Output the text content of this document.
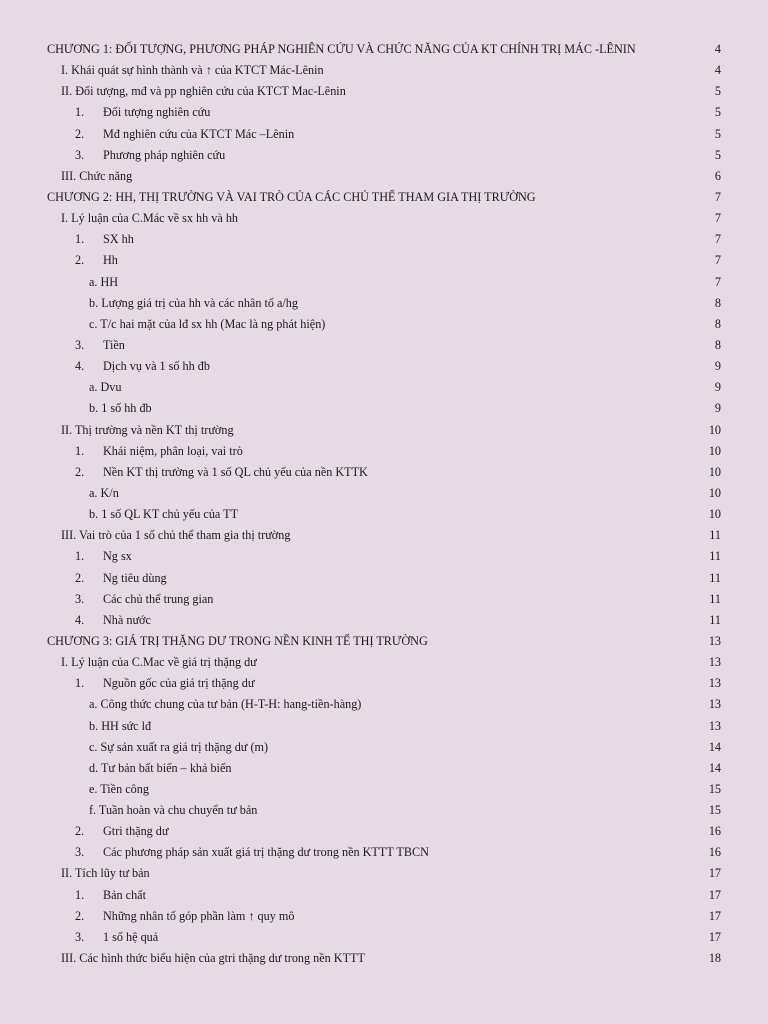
CHƯƠNG 1: ĐỐI TƯỢNG, PHƯƠNG PHÁP NGHIÊN CỨU VÀ CHỨC NĂNG CỦA KT CHÍNH TRỊ MÁC -LÊNIN	4
I. Khái quát sự hình thành và ↑ của KTCT Mác-Lênin	4
II. Đối tượng, mđ và pp nghiên cứu của KTCT Mac-Lênin	5
1. Đối tượng nghiên cứu	5
2. Mđ nghiên cứu của KTCT Mác –Lênin	5
3. Phương pháp nghiên cứu	5
III. Chức năng	6
CHƯƠNG 2: HH, THỊ TRƯỜNG VÀ VAI TRÒ CỦA CÁC CHỦ THỂ THAM GIA THỊ TRƯỜNG	7
I. Lý luận của C.Mác về sx hh và hh	7
1. SX hh	7
2. Hh	7
a. HH	7
b. Lượng giá trị của hh và các nhân tố a/hg	8
c. T/c hai mặt của lđ sx hh (Mac là ng phát hiện)	8
3. Tiền	8
4. Dịch vụ và 1 số hh đb	9
a. Dvu	9
b. 1 số hh đb	9
II. Thị trường và nền KT thị trường	10
1. Khái niệm, phân loại, vai trò	10
2. Nền KT thị trường và 1 số QL chủ yếu của nền KTTK	10
a. K/n	10
b. 1 số QL KT chủ yếu của TT	10
III. Vai trò của 1 số chủ thể tham gia thị trường	11
1. Ng sx	11
2. Ng tiêu dùng	11
3. Các chủ thể trung gian	11
4. Nhà nước	11
CHƯƠNG 3: GIÁ TRỊ THẶNG DƯ TRONG NỀN KINH TẾ THỊ TRƯỜNG	13
I. Lý luận của C.Mac về giá trị thặng dư	13
1. Nguồn gốc của giá trị thặng dư	13
a. Công thức chung của tư bản (H-T-H: hang-tiền-hàng)	13
b. HH sức lđ	13
c. Sự sản xuất ra giá trị thặng dư (m)	14
d. Tư bản bất biến – khả biến	14
e. Tiền công	15
f. Tuần hoàn và chu chuyển tư bản	15
2. Gtri thặng dư	16
3. Các phương pháp sản xuất giá trị thặng dư trong nền KTTT TBCN	16
II. Tích lũy tư bản	17
1. Bản chất	17
2. Những nhân tố góp phần làm ↑ quy mô	17
3. 1 số hệ quả	17
III. Các hình thức biểu hiện của gtri thặng dư trong nền KTTT	18
